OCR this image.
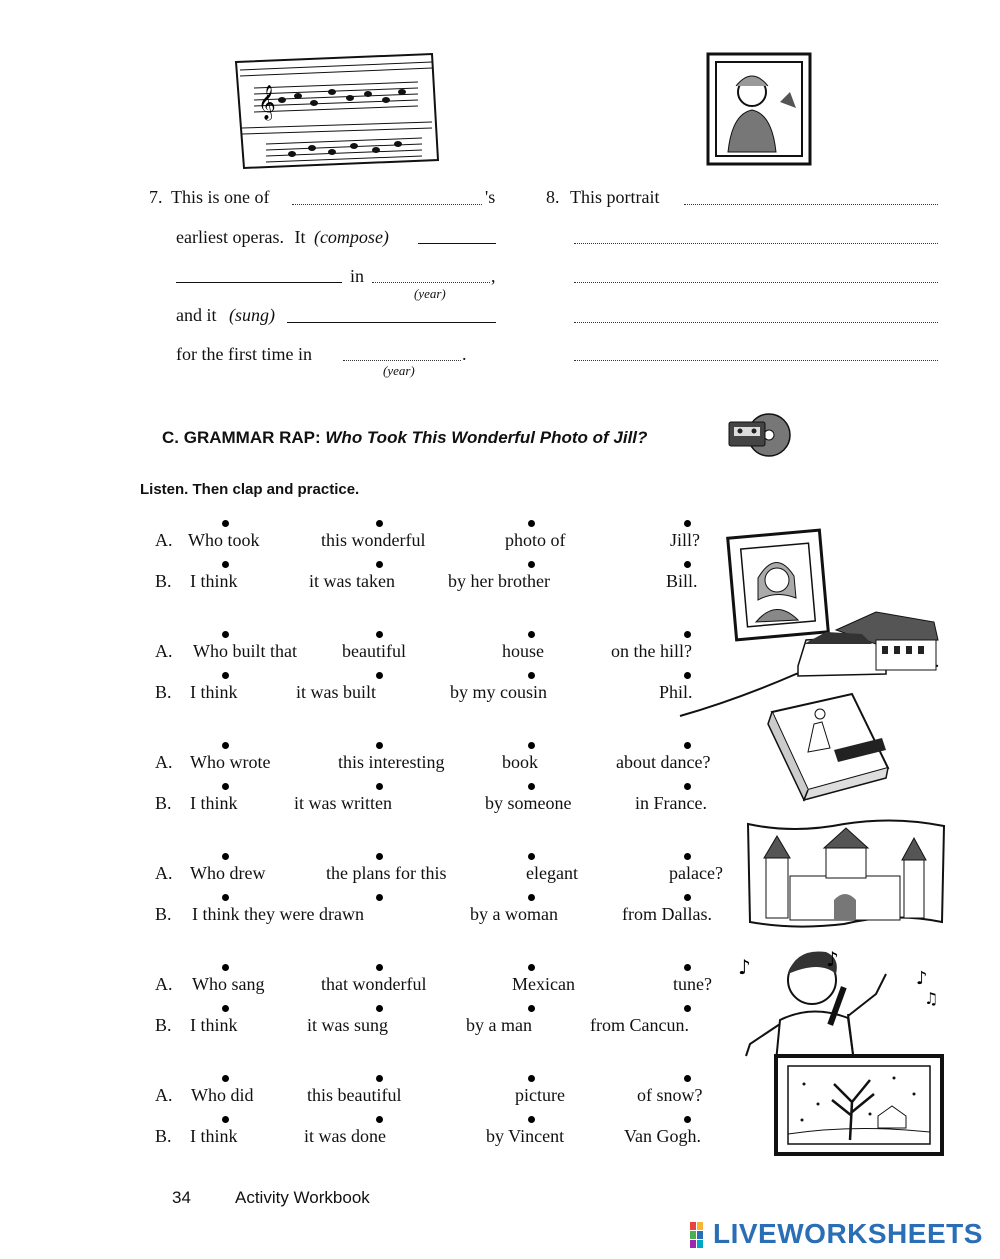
𝄞
7. This is one of	's
earliest operas. It (compose)
in	,
(year)
and it (sung)
for the first time in	.
(year)
8. This portrait
C. GRAMMAR RAP: Who Took This Wonderful Photo of Jill?
Listen. Then clap and practice.
A. Who took	this wonderful	photo of	Jill?
B. I think	it was taken	by her brother	Bill.
A. Who built that	beautiful	house	on the hill?
B. I think	it was built	by my cousin	Phil.
A. Who wrote	this interesting	book	about dance?
B. I think	it was written	by someone	in France.
A. Who drew	the plans for this	elegant	palace?
B. I think they were drawn	by a woman	from Dallas.
A. Who sang	that wonderful	Mexican	tune?
B. I think	it was sung	by a man	from Cancun.
A. Who did	this beautiful	picture	of snow?
B. I think	it was done	by Vincent	Van Gogh.
♪	♪
♪
♫
34	Activity Workbook
LIVEWORKSHEETS
